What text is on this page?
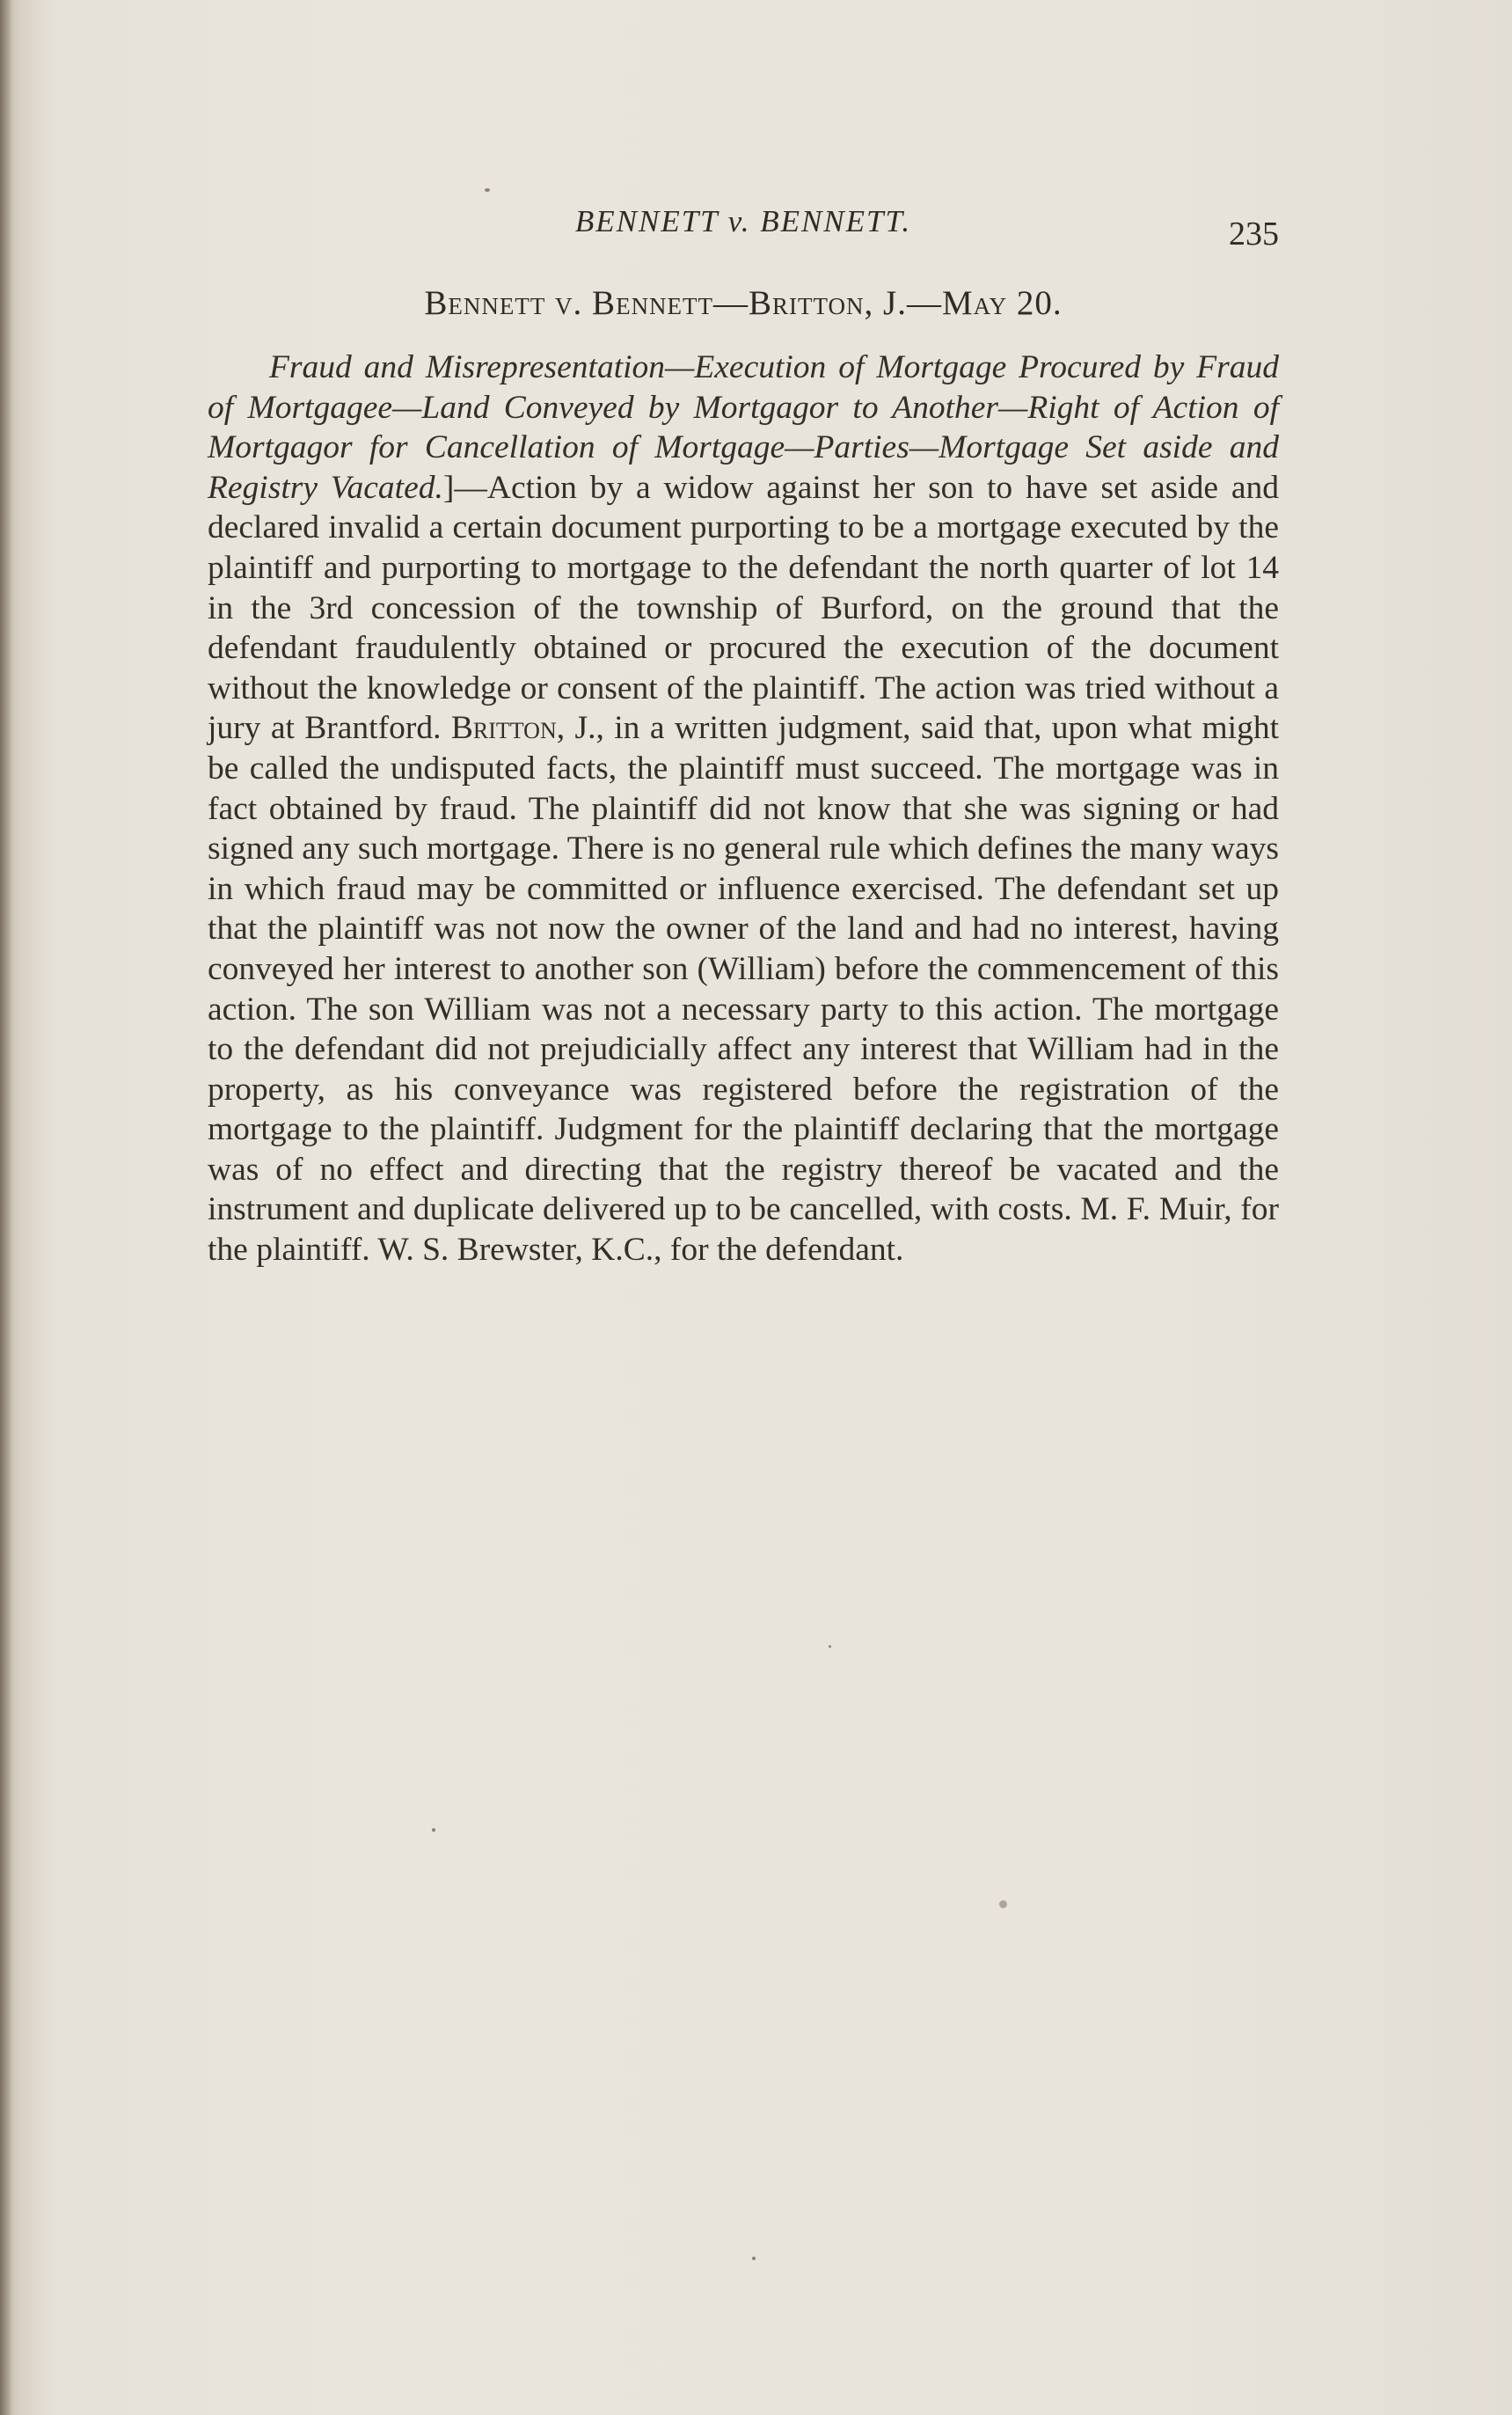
BENNETT v. BENNETT.	235
Bennett v. Bennett—Britton, J.—May 20.

Fraud and Misrepresentation—Execution of Mortgage Procured by Fraud of Mortgagee—Land Conveyed by Mortgagor to Another—Right of Action of Mortgagor for Cancellation of Mortgage—Parties—Mortgage Set aside and Registry Vacated.]—Action by a widow against her son to have set aside and declared invalid a certain document purporting to be a mortgage executed by the plaintiff and purporting to mortgage to the defendant the north quarter of lot 14 in the 3rd concession of the township of Burford, on the ground that the defendant fraudulently obtained or procured the execution of the document without the knowledge or consent of the plaintiff. The action was tried without a jury at Brantford. Britton, J., in a written judgment, said that, upon what might be called the undisputed facts, the plaintiff must succeed. The mortgage was in fact obtained by fraud. The plaintiff did not know that she was signing or had signed any such mortgage. There is no general rule which defines the many ways in which fraud may be committed or influence exercised. The defendant set up that the plaintiff was not now the owner of the land and had no interest, having conveyed her interest to another son (William) before the commencement of this action. The son William was not a necessary party to this action. The mortgage to the defendant did not prejudicially affect any interest that William had in the property, as his conveyance was registered before the registration of the mortgage to the plaintiff. Judgment for the plaintiff declaring that the mortgage was of no effect and directing that the registry thereof be vacated and the instrument and duplicate delivered up to be cancelled, with costs. M. F. Muir, for the plaintiff. W. S. Brewster, K.C., for the defendant.
